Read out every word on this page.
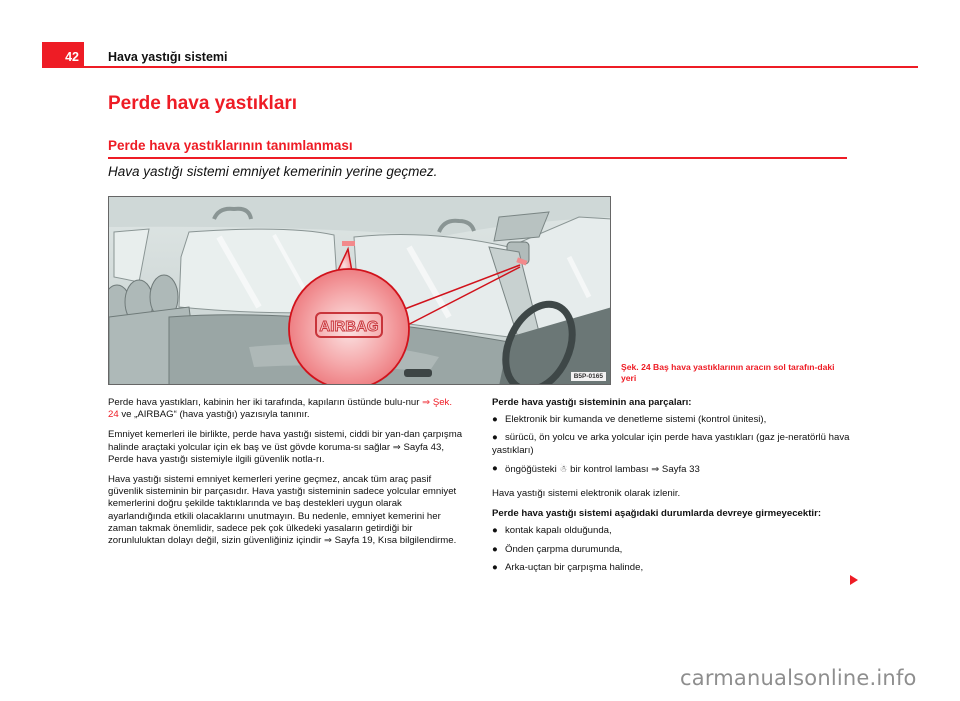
42	Hava yastığı sistemi
Perde hava yastıkları
Perde hava yastıklarının tanımlanması
Hava yastığı sistemi emniyet kemerinin yerine geçmez.
AIRBAG
B5P-0165
Şek. 24 Baş hava yastıklarının aracın sol tarafın-daki yeri

Perde hava yastıkları, kabinin her iki tarafında, kapıların üstünde bulu-nur ⇒ Şek. 24 ve „AIRBAG“ (hava yastığı) yazısıyla tanınır.

Emniyet kemerleri ile birlikte, perde hava yastığı sistemi, ciddi bir yan-dan çarpışma halinde araçtaki yolcular için ek baş ve üst gövde koruma-sı sağlar ⇒ Sayfa 43, Perde hava yastığı sistemiyle ilgili güvenlik notla-rı.

Hava yastığı sistemi emniyet kemerleri yerine geçmez, ancak tüm araç pasif güvenlik sisteminin bir parçasıdır. Hava yastığı sisteminin sadece yolcular emniyet kemerlerini doğru şekilde taktıklarında ve baş destekleri uygun olarak ayarlandığında etkili olacaklarını unutmayın. Bu nedenle, emniyet kemerini her zaman takmak önemlidir, sadece pek çok ülkedeki yasaların getirdiği bir zorunluluktan dolayı değil, sizin güvenliğiniz içindir ⇒ Sayfa 19, Kısa bilgilendirme.

Perde hava yastığı sisteminin ana parçaları:

● Elektronik bir kumanda ve denetleme sistemi (kontrol ünitesi),
● sürücü, ön yolcu ve arka yolcular için perde hava yastıkları (gaz je-neratörlü hava yastıkları)
● öngöğüsteki ☃ bir kontrol lambası ⇒ Sayfa 33

Hava yastığı sistemi elektronik olarak izlenir.

Perde hava yastığı sistemi aşağıdaki durumlarda devreye girmeyecektir:

● kontak kapalı olduğunda,
● Önden çarpma durumunda,
● Arka-uçtan bir çarpışma halinde,
carmanualsonline.info
